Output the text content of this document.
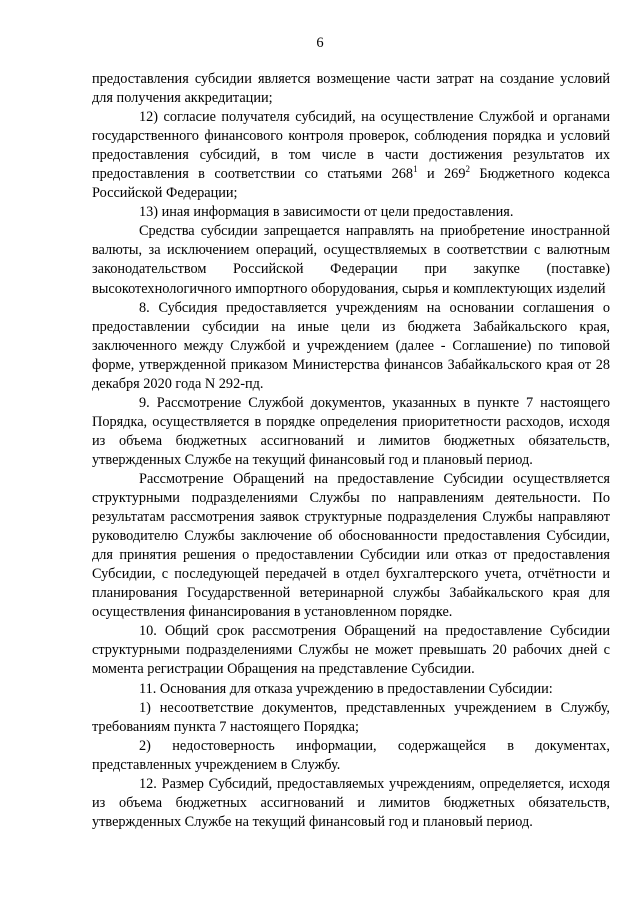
6

предоставления субсидии является возмещение части затрат на создание условий для получения аккредитации;

12) согласие получателя субсидий, на осуществление Службой и органами государственного финансового контроля проверок, соблюдения порядка и условий предоставления субсидий, в том числе в части достижения результатов их предоставления в соответствии со статьями $268^1$ и $269^2$ Бюджетного кодекса Российской Федерации;

13) иная информация в зависимости от цели предоставления.

Средства субсидии запрещается направлять на приобретение иностранной валюты, за исключением операций, осуществляемых в соответствии с валютным законодательством Российской Федерации при закупке (поставке) высокотехнологичного импортного оборудования, сырья и комплектующих изделий

8. Субсидия предоставляется учреждениям на основании соглашения о предоставлении субсидии на иные цели из бюджета Забайкальского края, заключенного между Службой и учреждением (далее - Соглашение) по типовой форме, утвержденной приказом Министерства финансов Забайкальского края от 28 декабря 2020 года N 292-пд.

9. Рассмотрение Службой документов, указанных в пункте 7 настоящего Порядка, осуществляется в порядке определения приоритетности расходов, исходя из объема бюджетных ассигнований и лимитов бюджетных обязательств, утвержденных Службе на текущий финансовый год и плановый период.

Рассмотрение Обращений на предоставление Субсидии осуществляется структурными подразделениями Службы по направлениям деятельности. По результатам рассмотрения заявок структурные подразделения Службы направляют руководителю Службы заключение об обоснованности предоставления Субсидии, для принятия решения о предоставлении Субсидии или отказ от предоставления Субсидии, с последующей передачей в отдел бухгалтерского учета, отчётности и планирования Государственной ветеринарной службы Забайкальского края для осуществления финансирования в установленном порядке.

10. Общий срок рассмотрения Обращений на предоставление Субсидии структурными подразделениями Службы не может превышать 20 рабочих дней с момента регистрации Обращения на представление Субсидии.

11. Основания для отказа учреждению в предоставлении Субсидии:

1) несоответствие документов, представленных учреждением в Службу, требованиям пункта 7 настоящего Порядка;

2) недостоверность информации, содержащейся в документах, представленных учреждением в Службу.

12. Размер Субсидий, предоставляемых учреждениям, определяется, исходя из объема бюджетных ассигнований и лимитов бюджетных обязательств, утвержденных Службе на текущий финансовый год и плановый период.
